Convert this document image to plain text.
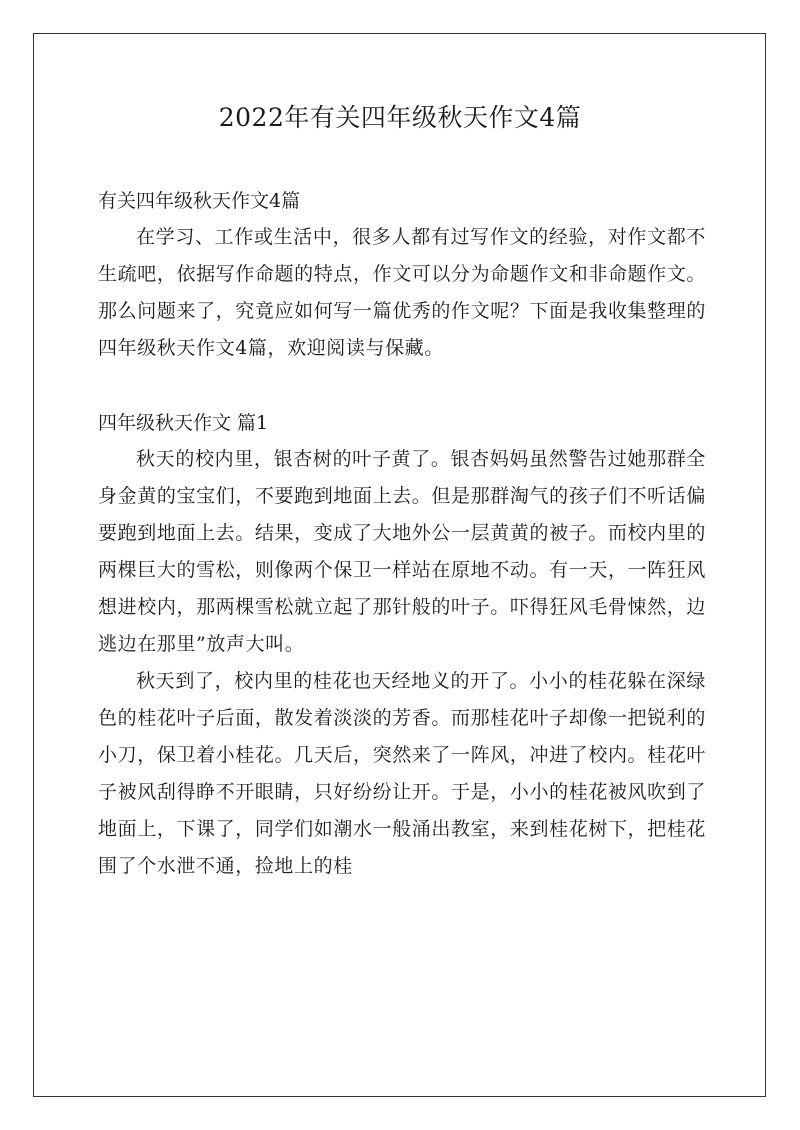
2022年有关四年级秋天作文4篇

有关四年级秋天作文4篇

在学习、工作或生活中，很多人都有过写作文的经验，对作文都不生疏吧，依据写作命题的特点，作文可以分为命题作文和非命题作文。那么问题来了，究竟应如何写一篇优秀的作文呢？下面是我收集整理的四年级秋天作文4篇，欢迎阅读与保藏。

四年级秋天作文 篇1

秋天的校内里，银杏树的叶子黄了。银杏妈妈虽然警告过她那群全身金黄的宝宝们，不要跑到地面上去。但是那群淘气的孩子们不听话偏要跑到地面上去。结果，变成了大地外公一层黄黄的被子。而校内里的两棵巨大的雪松，则像两个保卫一样站在原地不动。有一天，一阵狂风想进校内，那两棵雪松就立起了那针般的叶子。吓得狂风毛骨悚然，边逃边在那里”放声大叫。

秋天到了，校内里的桂花也天经地义的开了。小小的桂花躲在深绿色的桂花叶子后面，散发着淡淡的芳香。而那桂花叶子却像一把锐利的小刀，保卫着小桂花。几天后，突然来了一阵风，冲进了校内。桂花叶子被风刮得睁不开眼睛，只好纷纷让开。于是，小小的桂花被风吹到了地面上，下课了，同学们如潮水一般涌出教室，来到桂花树下，把桂花围了个水泄不通，捡地上的桂
